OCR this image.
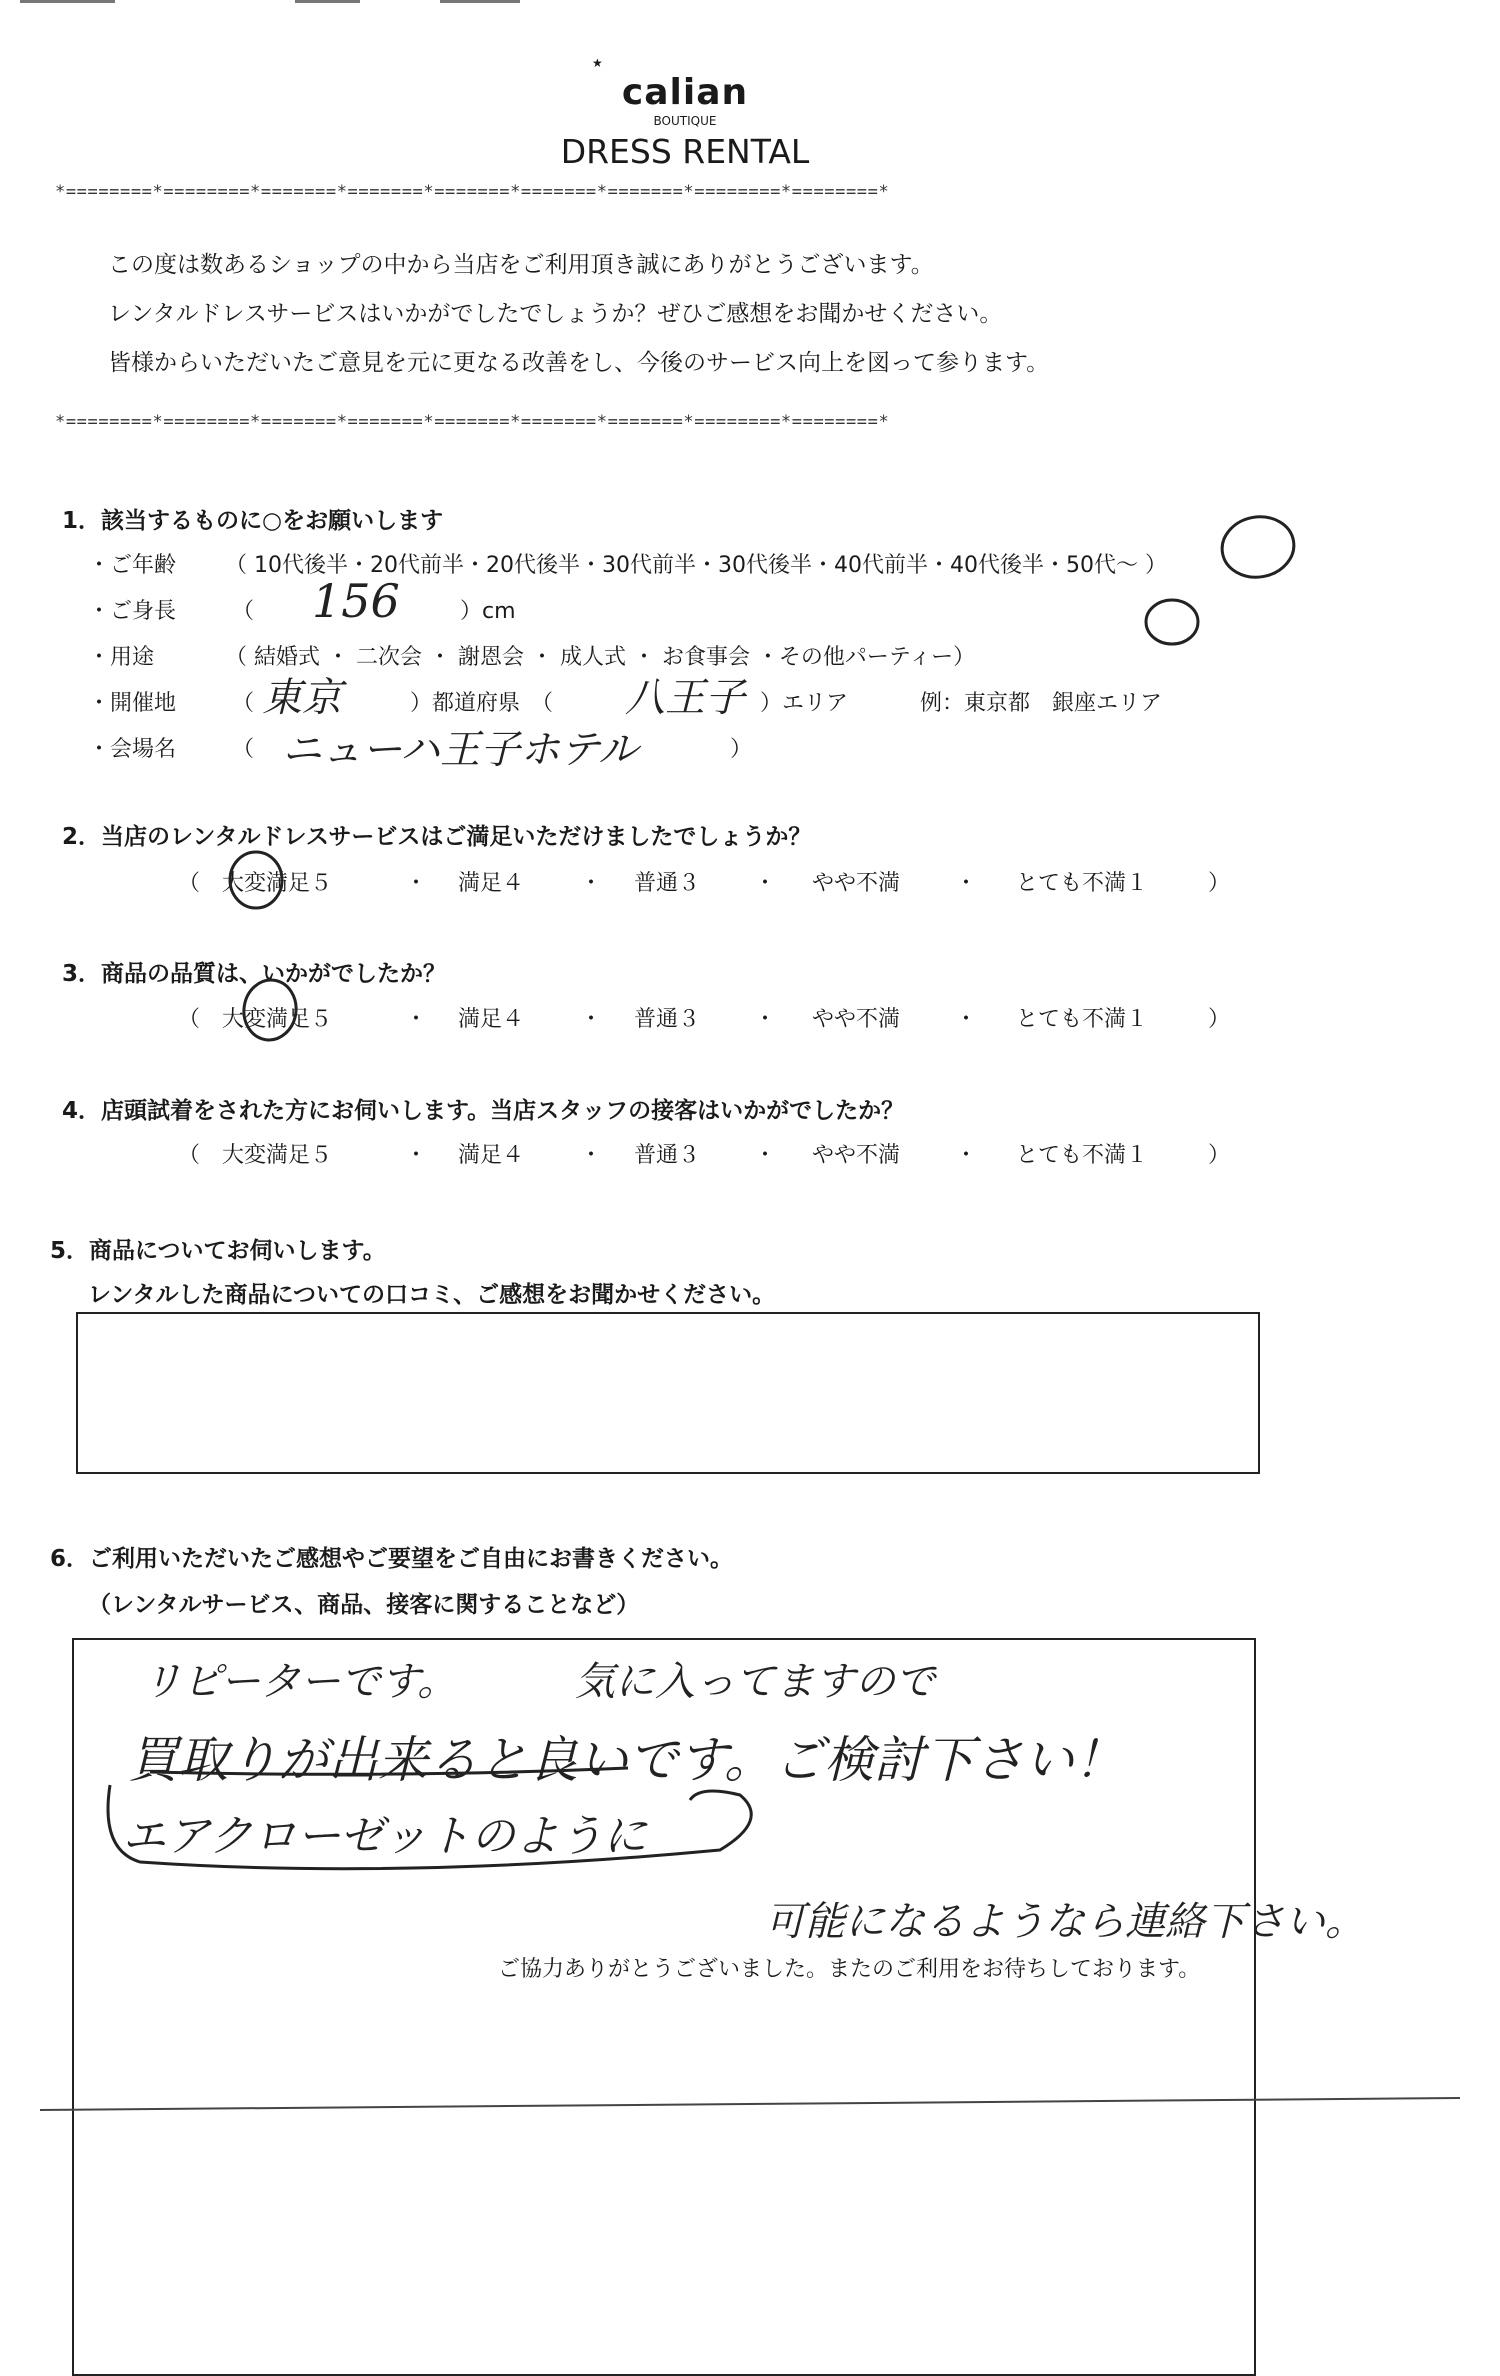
★
calian
BOUTIQUE
DRESS RENTAL
*========*========*=======*=======*=======*=======*=======*========*========*
この度は数あるショップの中から当店をご利用頂き誠にありがとうございます。
レンタルドレスサービスはいかがでしたでしょうか？ぜひご感想をお聞かせください。
皆様からいただいたご意見を元に更なる改善をし、今後のサービス向上を図って参ります。
*========*========*=======*=======*=======*=======*=======*========*========*
1．該当するものに○をお願いします
・ご年齢 （ 10代後半・20代前半・20代後半・30代前半・30代後半・40代前半・40代後半・50代～ ）
・ご身長	（ 156	）cm
・用途	（ 結婚式 ・ 二次会 ・ 謝恩会 ・ 成人式 ・ お食事会 ・その他パーティー）
・開催地	（ 東京	）都道府県　（ 八王子 ）エリア	例：東京都　銀座エリア
・会場名	（ ニューハ王子ホテル	）
2．当店のレンタルドレスサービスはご満足いただけましたでしょうか？
（ 大変満足５	・ 満足４	・ 普通３ ・ やや不満 ・ とても不満１	）
3．商品の品質は、いかがでしたか？
（ 大変満足５	・ 満足４	・ 普通３ ・ やや不満 ・ とても不満１	）
4．店頭試着をされた方にお伺いします。当店スタッフの接客はいかがでしたか？
（ 大変満足５	・ 満足４	・ 普通３ ・ やや不満 ・ とても不満１	）
5．商品についてお伺いします。
レンタルした商品についての口コミ、ご感想をお聞かせください。
6．ご利用いただいたご感想やご要望をご自由にお書きください。
（レンタルサービス、商品、接客に関することなど）
リピーターです。	気に入ってますので
買取りが出来ると良いです。ご検討下さい！
エアクローゼットのように
可能になるようなら連絡下さい。
ご協力ありがとうございました。またのご利用をお待ちしております。
